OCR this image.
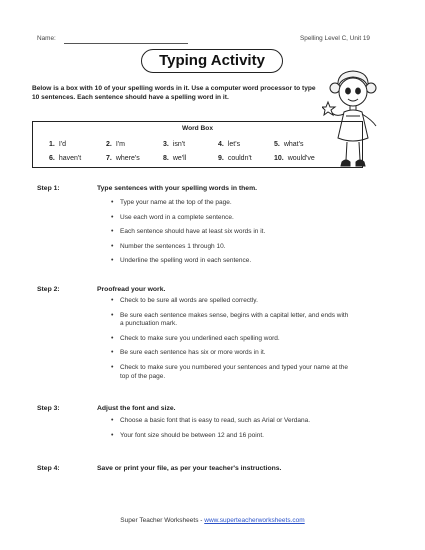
Name:	Spelling Level C, Unit 19
Typing Activity
Below is a box with 10 of your spelling words in it. Use a computer word processor to type 10 sentences. Each sentence should have a spelling word in it.
Word Box
1. I'd	2. I'm	3. isn't	4. let's	5. what's
6. haven't	7. where's	8. we'll	9. couldn't	10. would've
Step 1:	Type sentences with your spelling words in them.
• Type your name at the top of the page.
• Use each word in a complete sentence.
• Each sentence should have at least six words in it.
• Number the sentences 1 through 10.
• Underline the spelling word in each sentence.
Step 2:	Proofread your work.
• Check to be sure all words are spelled correctly.
• Be sure each sentence makes sense, begins with a capital letter, and ends with a punctuation mark.
• Check to make sure you underlined each spelling word.
• Be sure each sentence has six or more words in it.
• Check to make sure you numbered your sentences and typed your name at the top of the page.
Step 3:	Adjust the font and size.
• Choose a basic font that is easy to read, such as Arial or Verdana.
• Your font size should be between 12 and 16 point.
Step 4:	Save or print your file, as per your teacher's instructions.
Super Teacher Worksheets - www.superteacherworksheets.com
